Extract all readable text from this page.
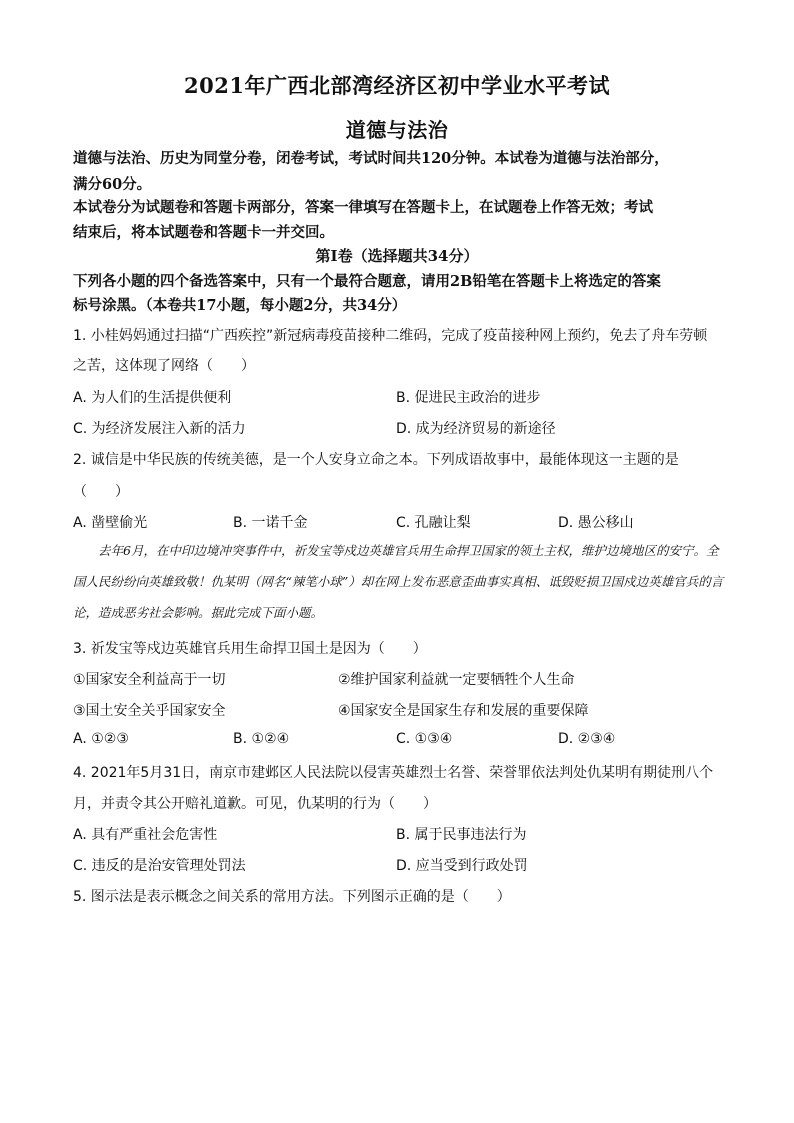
2021年广西北部湾经济区初中学业水平考试
道德与法治
道德与法治、历史为同堂分卷，闭卷考试，考试时间共120分钟。本试卷为道德与法治部分，
满分60分。
本试卷分为试题卷和答题卡两部分，答案一律填写在答题卡上，在试题卷上作答无效；考试
结束后，将本试题卷和答题卡一并交回。
第Ⅰ卷（选择题共34分）
下列各小题的四个备选答案中，只有一个最符合题意，请用2B铅笔在答题卡上将选定的答案
标号涂黑。（本卷共17小题，每小题2分，共34分）
1. 小桂妈妈通过扫描“广西疾控”新冠病毒疫苗接种二维码，完成了疫苗接种网上预约，免去了舟车劳顿
之苦，这体现了网络（　　）
A. 为人们的生活提供便利	B. 促进民主政治的进步
C. 为经济发展注入新的活力	D. 成为经济贸易的新途径
2. 诚信是中华民族的传统美德，是一个人安身立命之本。下列成语故事中，最能体现这一主题的是
（　　）
A. 凿壁偷光	B. 一诺千金	C. 孔融让梨	D. 愚公移山
去年6月，在中印边境冲突事件中，祈发宝等戍边英雄官兵用生命捍卫国家的领土主权，维护边境地区的安宁。全国人民纷纷向英雄致敬！仇某明（网名“辣笔小球”）却在网上发布恶意歪曲事实真相、诋毁贬损卫国戍边英雄官兵的言论，造成恶劣社会影响。据此完成下面小题。
3. 祈发宝等戍边英雄官兵用生命捍卫国土是因为（　　）
①国家安全利益高于一切	②维护国家利益就一定要牺牲个人生命
③国土安全关乎国家安全	④国家安全是国家生存和发展的重要保障
A. ①②③	B. ①②④	C. ①③④	D. ②③④
4. 2021年5月31日，南京市建邺区人民法院以侵害英雄烈士名誉、荣誉罪依法判处仇某明有期徒刑八个
月，并责令其公开赔礼道歉。可见，仇某明的行为（　　）
A. 具有严重社会危害性	B. 属于民事违法行为
C. 违反的是治安管理处罚法	D. 应当受到行政处罚
5. 图示法是表示概念之间关系的常用方法。下列图示正确的是（　　）
